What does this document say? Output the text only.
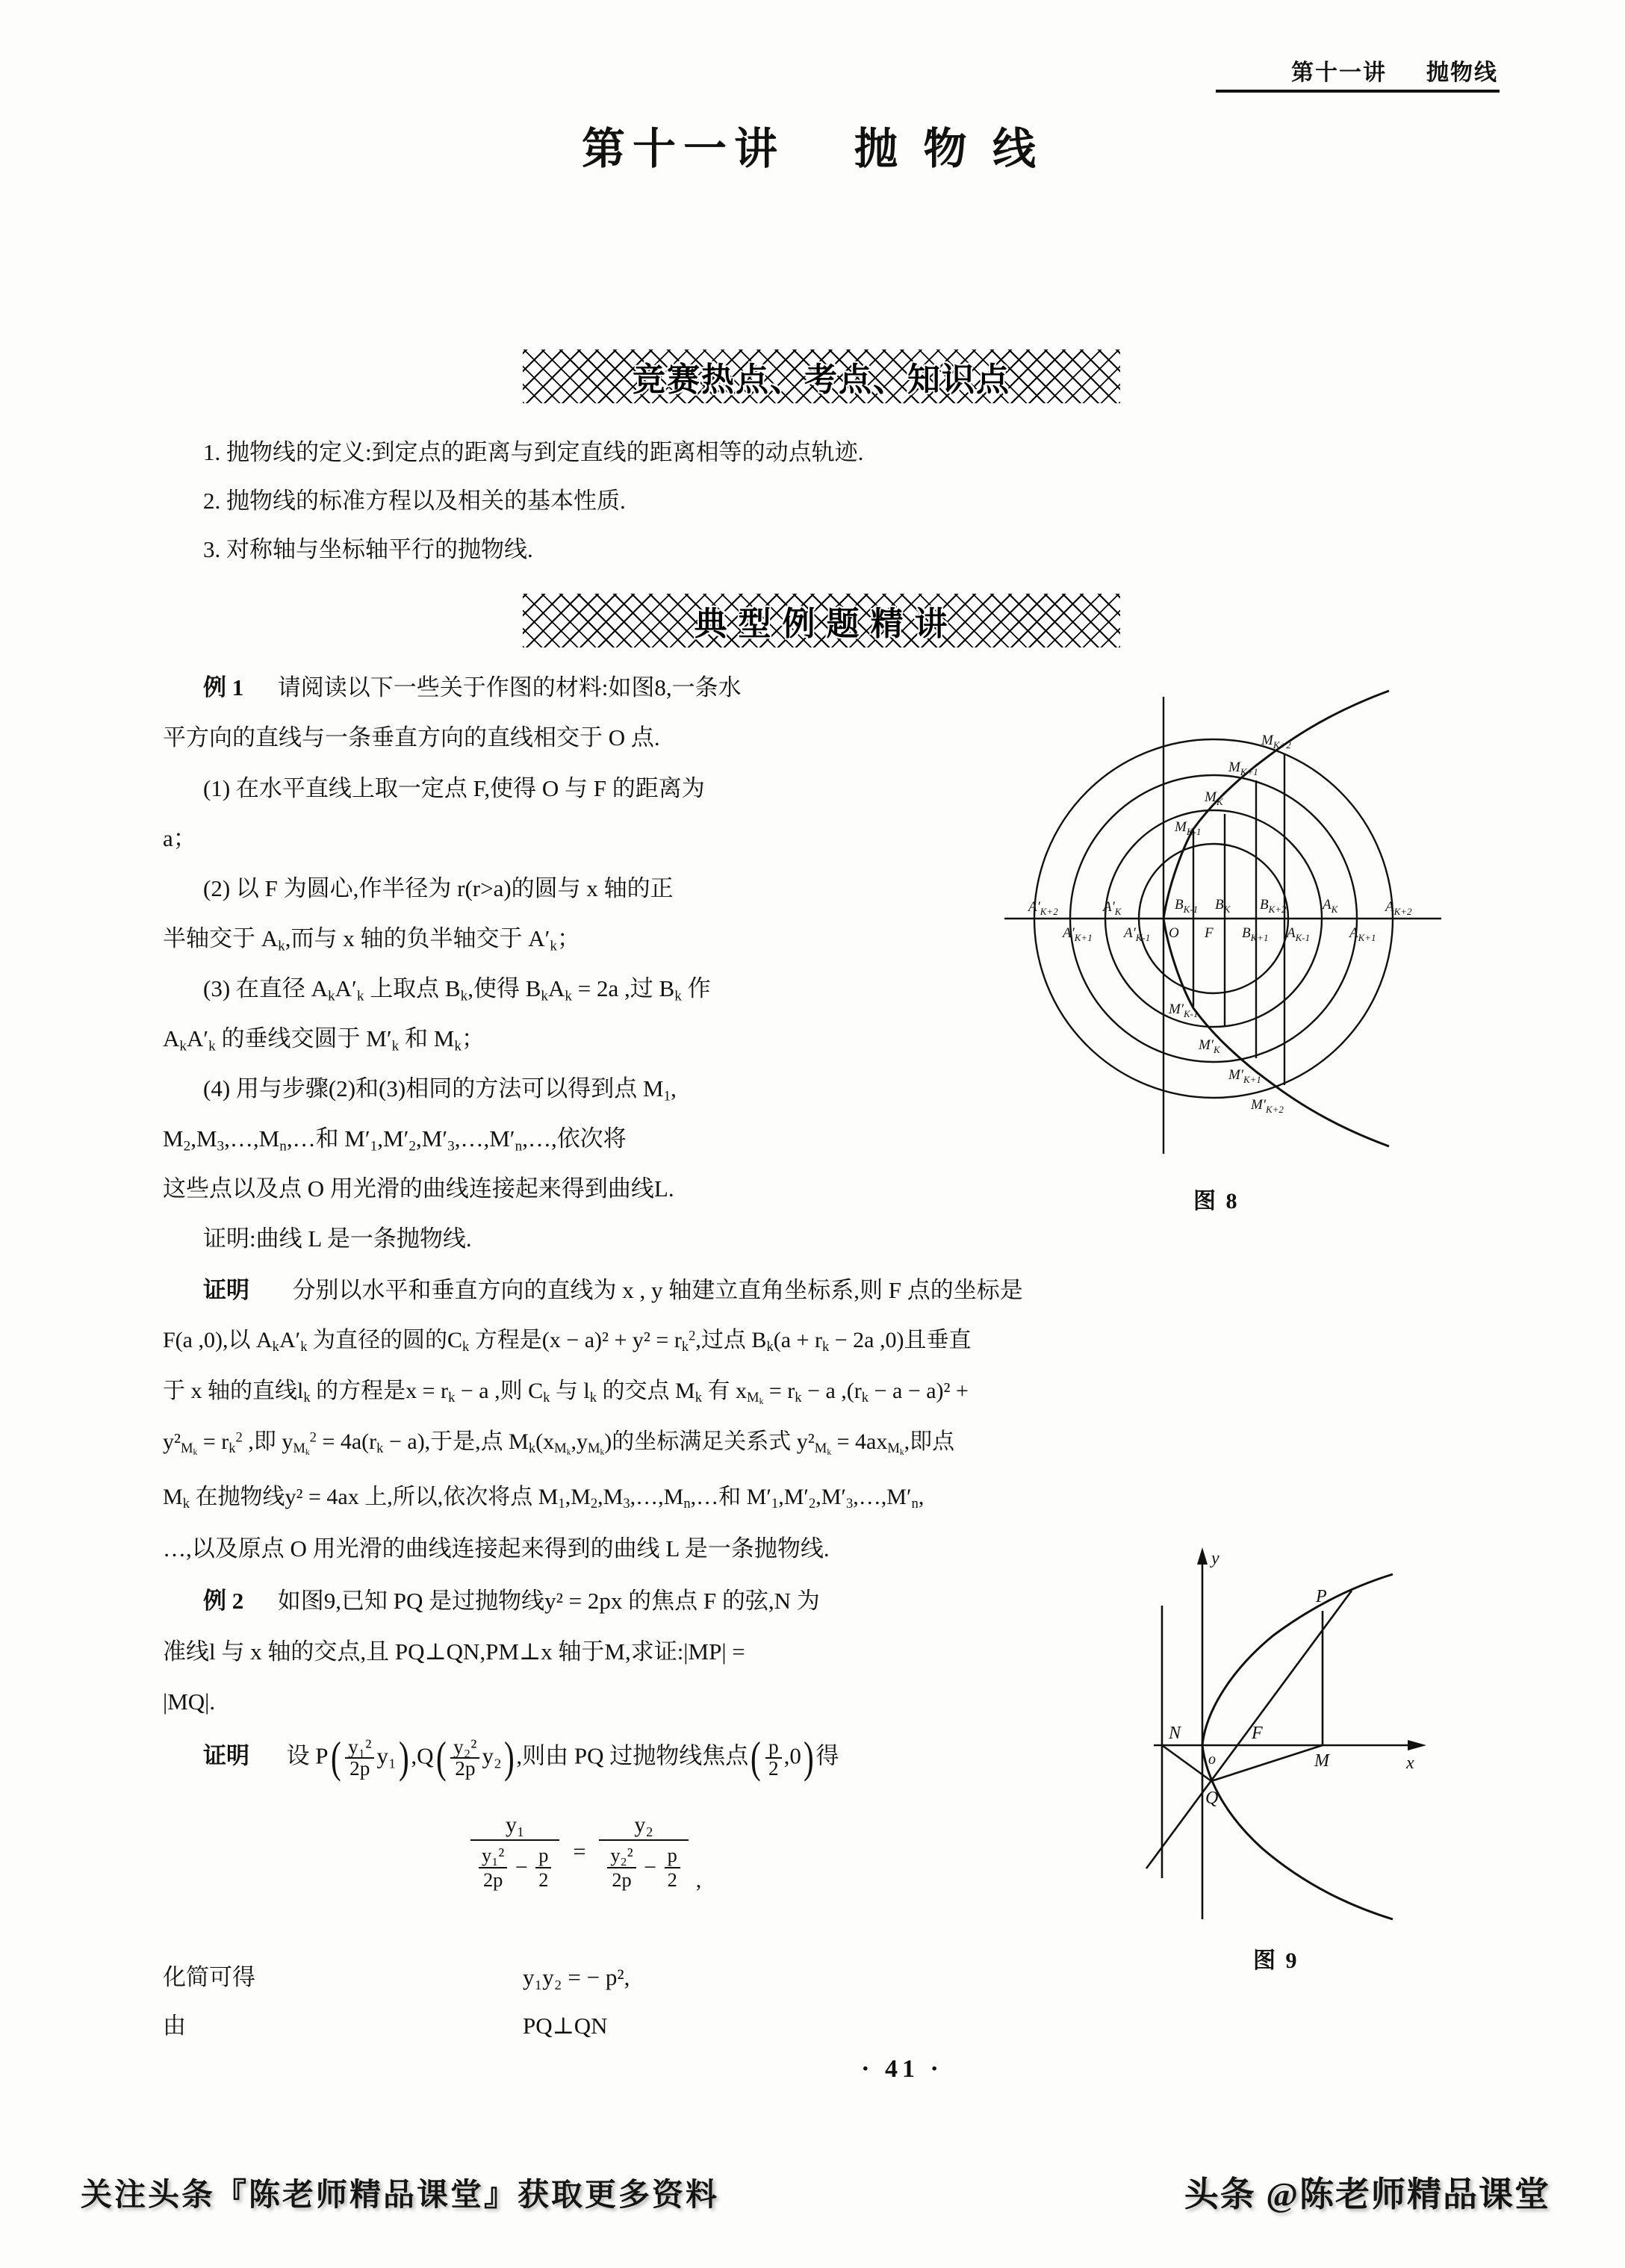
第十一讲 抛物线
第十一讲 抛 物 线
竞赛热点、考点、知识点
1. 抛物线的定义:到定点的距离与到定直线的距离相等的动点轨迹.
2. 抛物线的标准方程以及相关的基本性质.
3. 对称轴与坐标轴平行的抛物线.
典 型 例 题 精 讲
例 1 请阅读以下一些关于作图的材料:如图8,一条水
平方向的直线与一条垂直方向的直线相交于 O 点.
(1) 在水平直线上取一定点 F,使得 O 与 F 的距离为
a；
(2) 以 F 为圆心,作半径为 r(r>a)的圆与 x 轴的正
半轴交于 $A_k$,而与 x 轴的负半轴交于 $A'_k$；
(3) 在直径 $A_kA'_k$ 上取点 $B_k$,使得 $B_kA_k = 2a$ ,过 $B_k$ 作
$A_kA'_k$ 的垂线交圆于 $M'_k$ 和 $M_k$；
(4) 用与步骤(2)和(3)相同的方法可以得到点 $M_1$,
$M_2,M_3,\dots,M_n,\dots$和 $M'_1,M'_2,M'_3,\dots,M'_n,\dots$,依次将
这些点以及点 O 用光滑的曲线连接起来得到曲线L.
证明:曲线 L 是一条抛物线.
证明 分别以水平和垂直方向的直线为 x , y 轴建立直角坐标系,则 F 点的坐标是
F(a ,0),以 $A_kA'_k$ 为直径的圆的$C_k$ 方程是$(x - a)^2 + y^2 = r_k^2$,过点 $B_k(a + r_k - 2a$ ,0)且垂直
于 x 轴的直线$l_k$ 的方程是$x = r_k - a$ ,则 $C_k$ 与 $l_k$ 的交点 $M_k$ 有 $x_{M_k} = r_k - a$ $,(r_k - a - a)^2$ +
$y^2_{M_k} = r_k^2$ ,即 $y_{M_k}^2 = 4a(r_k - a)$,于是,点 $M_k(x_{M_k},y_{M_k})$的坐标满足关系式 $y^2_{M_k} = 4ax_{M_k}$,即点
$M_k$ 在抛物线y² = 4ax 上,所以,依次将点 $M_1,M_2,M_3,\dots,M_n,\dots$和 $M'_1,M'_2,M'_3,\dots,M'_n$,
…,以及原点 O 用光滑的曲线连接起来得到的曲线 L 是一条抛物线.
例 2 如图9,已知 PQ 是过抛物线y² = 2px 的焦点 F 的弦,N 为
准线l 与 x 轴的交点,且 PQ⊥QN,PM⊥x 轴于M,求证:|MP| =
|MQ|.
证明 设 $P( \frac{\text{y₁²}}{2p} y_1),Q( \frac{\text{y₂²}}{2p} y_2)$,则由 PQ 过抛物线焦点( $\frac{p}{2} ,0$)得
$\frac{\text{y₁}}{\frac{\text{y₁²}}{2p} - \frac{p}{2}} = \frac{\text{y₂}}{\frac{\text{y₂²}}{2p} - \frac{p}{2}}$ ,
化简可得	y₁y₂ = − p²,
由	PQ⊥QN
$M_{K+2}$
$M_{K+1}$
$M_K$
$M_{K-1}$
$M'_{K-1}$
$M'_K$
$M'_{K+1}$
$M'_{K+2}$
$A'_{K+2}$
$A'_{K+1}$
$A'_K$
$A'_{K-1}$ O F
$B_{K-1}$ $B_K$
$B_{K+1}$
$B_{K+2}$
$A_{K-1}$
$A_K$
$A_{K+1}$
$A_{K+2}$
图 8
y
x
N
o
F
M
P
Q
图 9
· 41 ·
关注头条『陈老师精品课堂』获取更多资料	头条 @陈老师精品课堂
